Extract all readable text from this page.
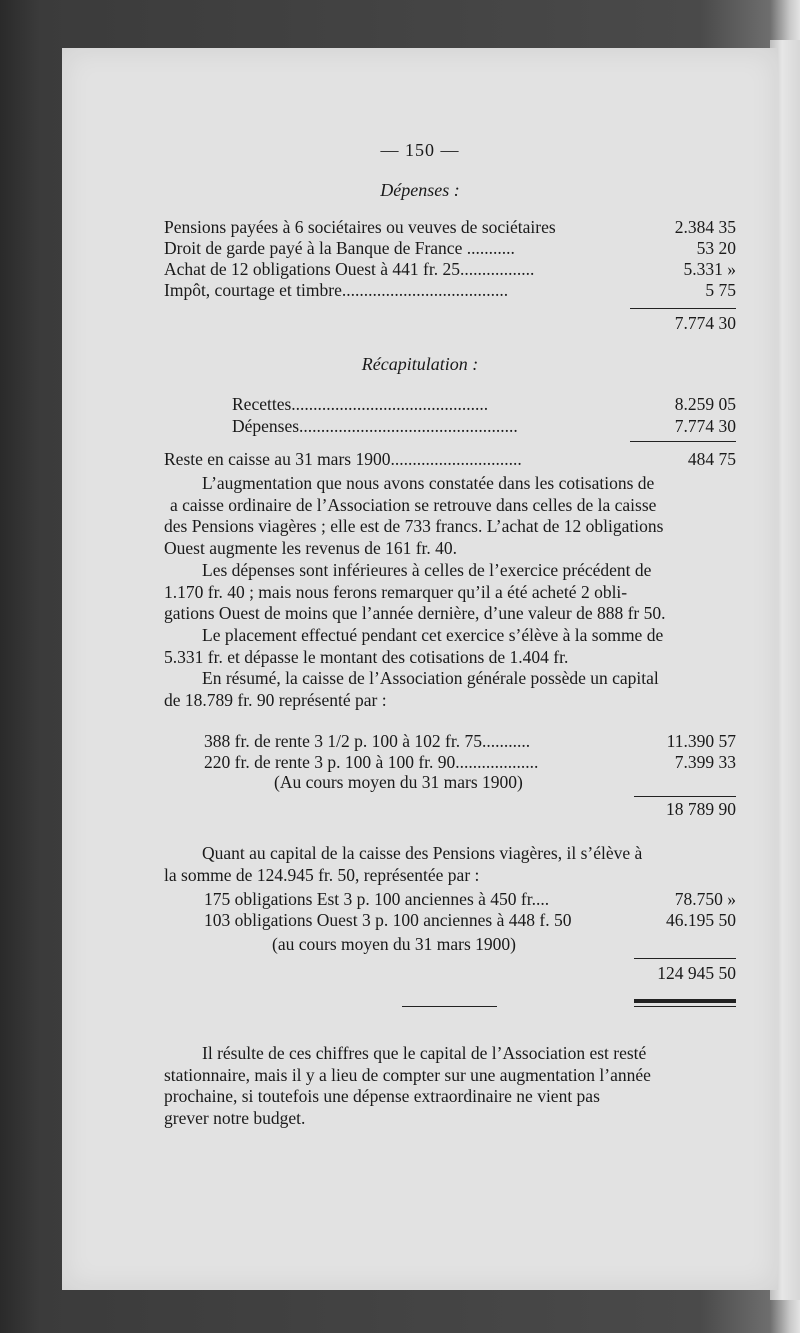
— 150 —
Dépenses :
Pensions payées à 6 sociétaires ou veuves de sociétaires	2.384 35
Droit de garde payé à la Banque de France ...........	53 20
Achat de 12 obligations Ouest à 441 fr. 25.................	5.331 »
Impôt, courtage et timbre......................................	5 75
7.774 30
Récapitulation :
Recettes.............................................	8.259 05
Dépenses..................................................	7.774 30
Reste en caisse au 31 mars 1900..............................	484 75
L’augmentation que nous avons constatée dans les cotisations de
a caisse ordinaire de l’Association se retrouve dans celles de la caisse
des Pensions viagères ; elle est de 733 francs. L’achat de 12 obligations
Ouest augmente les revenus de 161 fr. 40.
Les dépenses sont inférieures à celles de l’exercice précédent de
1.170 fr. 40 ; mais nous ferons remarquer qu’il a été acheté 2 obli-
gations Ouest de moins que l’année dernière, d’une valeur de 888 fr 50.
Le placement effectué pendant cet exercice s’élève à la somme de
5.331 fr. et dépasse le montant des cotisations de 1.404 fr.
En résumé, la caisse de l’Association générale possède un capital
de 18.789 fr. 90 représenté par :
388 fr. de rente 3 1/2 p. 100 à 102 fr. 75...........	11.390 57
220 fr. de rente 3 p. 100 à 100 fr. 90...................	7.399 33
(Au cours moyen du 31 mars 1900)
18 789 90
Quant au capital de la caisse des Pensions viagères, il s’élève à
la somme de 124.945 fr. 50, représentée par :
175 obligations Est 3 p. 100 anciennes à 450 fr....	78.750 »
103 obligations Ouest 3 p. 100 anciennes à 448 f. 50	46.195 50
(au cours moyen du 31 mars 1900)
124 945 50
Il résulte de ces chiffres que le capital de l’Association est resté
stationnaire, mais il y a lieu de compter sur une augmentation l’année
prochaine, si toutefois une dépense extraordinaire ne vient pas
grever notre budget.
